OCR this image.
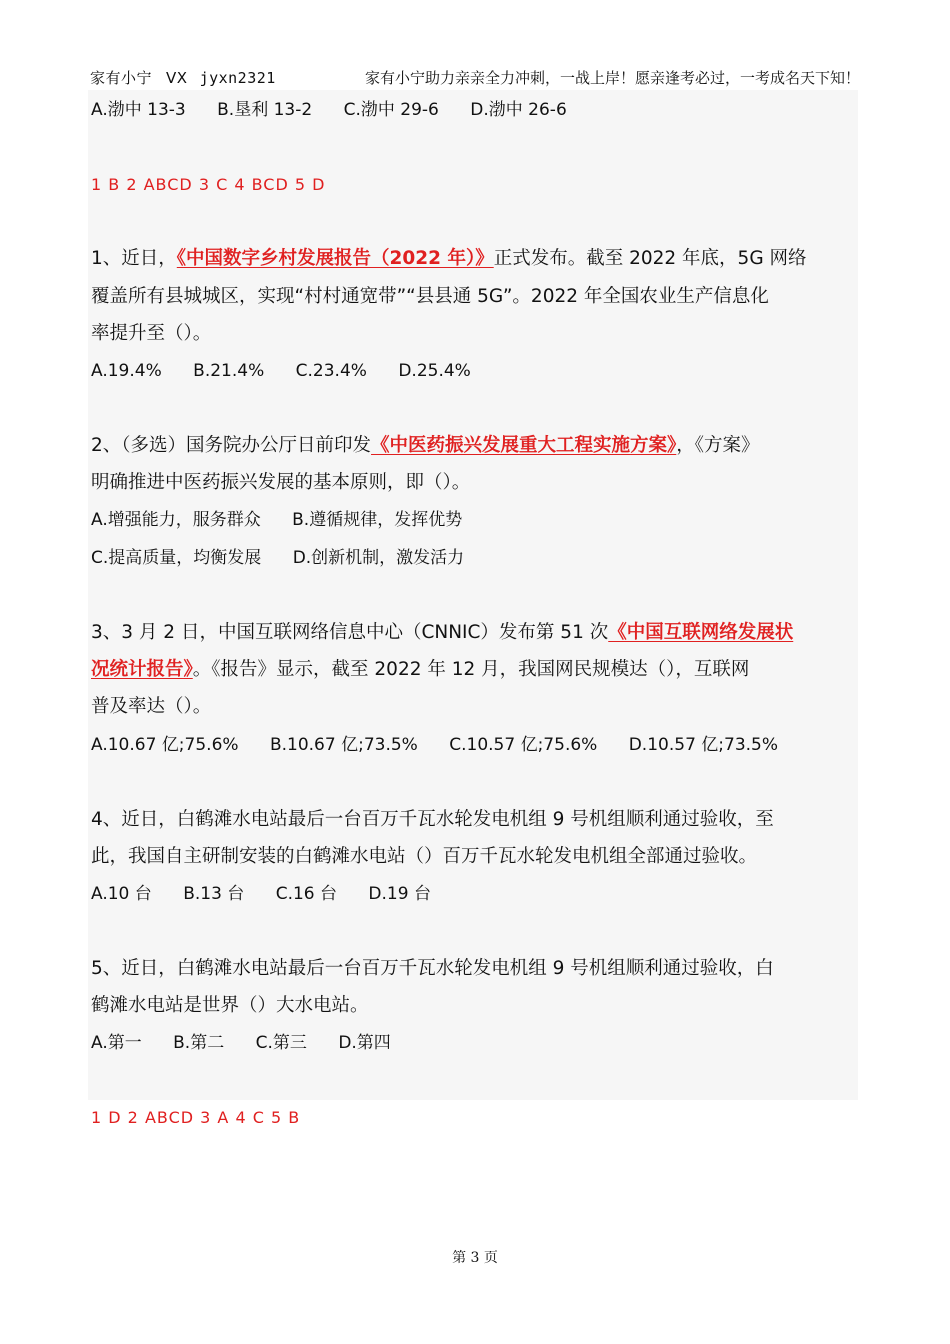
家有小宁 VX jyxn2321	家有小宁助力亲亲全力冲刺，一战上岸！愿亲逢考必过，一考成名天下知！
A.渤中 13-3 B.垦利 13-2 C.渤中 29-6 D.渤中 26-6
1 B 2 ABCD 3 C 4 BCD 5 D
1、近日，《中国数字乡村发展报告（2022 年）》正式发布。截至 2022 年底，5G 网络
覆盖所有县城城区，实现“村村通宽带”“县县通 5G”。2022 年全国农业生产信息化
率提升至（）。
A.19.4% B.21.4% C.23.4% D.25.4%
2、（多选）国务院办公厅日前印发《中医药振兴发展重大工程实施方案》，《方案》
明确推进中医药振兴发展的基本原则，即（）。
A.增强能力，服务群众 B.遵循规律，发挥优势
C.提高质量，均衡发展 D.创新机制，激发活力
3、3 月 2 日，中国互联网络信息中心（CNNIC）发布第 51 次《中国互联网络发展状
况统计报告》。《报告》显示，截至 2022 年 12 月，我国网民规模达（），互联网
普及率达（）。
A.10.67 亿;75.6% B.10.67 亿;73.5% C.10.57 亿;75.6% D.10.57 亿;73.5%
4、近日，白鹤滩水电站最后一台百万千瓦水轮发电机组 9 号机组顺利通过验收，至
此，我国自主研制安装的白鹤滩水电站（）百万千瓦水轮发电机组全部通过验收。
A.10 台 B.13 台 C.16 台 D.19 台
5、近日，白鹤滩水电站最后一台百万千瓦水轮发电机组 9 号机组顺利通过验收，白
鹤滩水电站是世界（）大水电站。
A.第一 B.第二 C.第三 D.第四
1 D 2 ABCD 3 A 4 C 5 B
第 3 页
